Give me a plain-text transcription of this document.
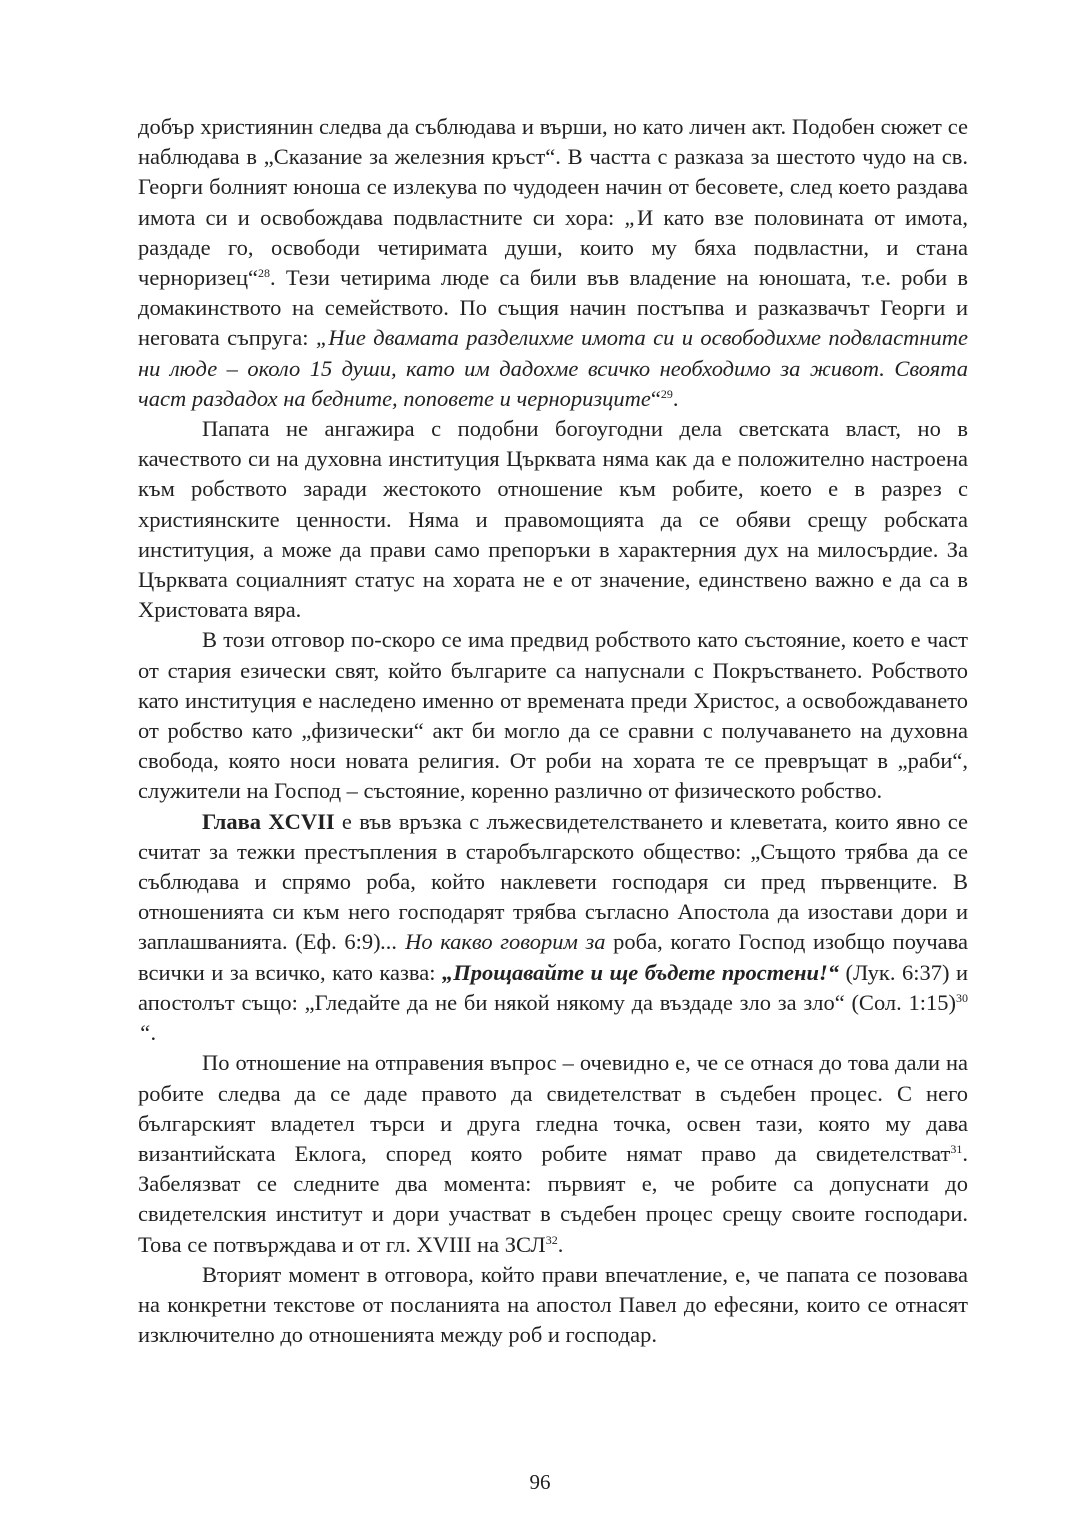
добър християнин следва да съблюдава и върши, но като личен акт. Подобен сюжет се наблюдава в „Сказание за железния кръст“. В частта с разказа за шестото чудо на св. Георги болният юноша се излекува по чудодеен начин от бесовете, след което раздава имота си и освобождава подвластните си хора: „И като взе половината от имота, раздаде го, освободи четиримата души, които му бяха подвластни, и стана черноризец“$^{28}$. Тези четирима люде са били във владение на юношата, т.е. роби в домакинството на семейството. По същия начин постъпва и разказвачът Георги и неговата съпруга: „Ние двамата разделихме имота си и освободихме подвластните ни люде – около 15 души, като им дадохме всичко необходимо за живот. Своята част раздадох на бедните, поповете и черноризците“$^{29}$.

Папата не ангажира с подобни богоугодни дела светската власт, но в качеството си на духовна институция Църквата няма как да е положително настроена към робството заради жестокото отношение към робите, което е в разрез с християнските ценности. Няма и правомощията да се обяви срещу робската институция, а може да прави само препоръки в характерния дух на милосърдие. За Църквата социалният статус на хората не е от значение, единствено важно е да са в Христовата вяра.

В този отговор по-скоро се има предвид робството като състояние, което е част от стария езически свят, който българите са напуснали с Покръстването. Робството като институция е наследено именно от времената преди Христос, а освобождаването от робство като „физически“ акт би могло да се сравни с получаването на духовна свобода, която носи новата религия. От роби на хората те се превръщат в „раби“, служители на Господ – състояние, коренно различно от физическото робство.

Глава XCVII е във връзка с лъжесвидетелстването и клеветата, които явно се считат за тежки престъпления в старобългарското общество: „Същото трябва да се съблюдава и спрямо роба, който наклевети господаря си пред първенците. В отношенията си към него господарят трябва съгласно Апостола да изостави дори и заплашванията. (Еф. 6:9)... Но какво говорим за роба, когато Господ изобщо поучава всички и за всичко, като казва: „Прощавайте и ще бъдете простени!“ (Лук. 6:37) и апостолът също: „Гледайте да не би някой някому да въздаде зло за зло“ (Сол. 1:15)$^{30}$ “.

По отношение на отправения въпрос – очевидно е, че се отнася до това дали на робите следва да се даде правото да свидетелстват в съдебен процес. С него българският владетел търси и друга гледна точка, освен тази, която му дава византийската Еклога, според която робите нямат право да свидетелстват$^{31}$. Забелязват се следните два момента: първият е, че робите са допуснати до свидетелския институт и дори участват в съдебен процес срещу своите господари. Това се потвърждава и от гл. XVIII на ЗСЛ$^{32}$.

Вторият момент в отговора, който прави впечатление, е, че папата се позовава на конкретни текстове от посланията на апостол Павел до ефесяни, които се отнасят изключително до отношенията между роб и господар.

96
